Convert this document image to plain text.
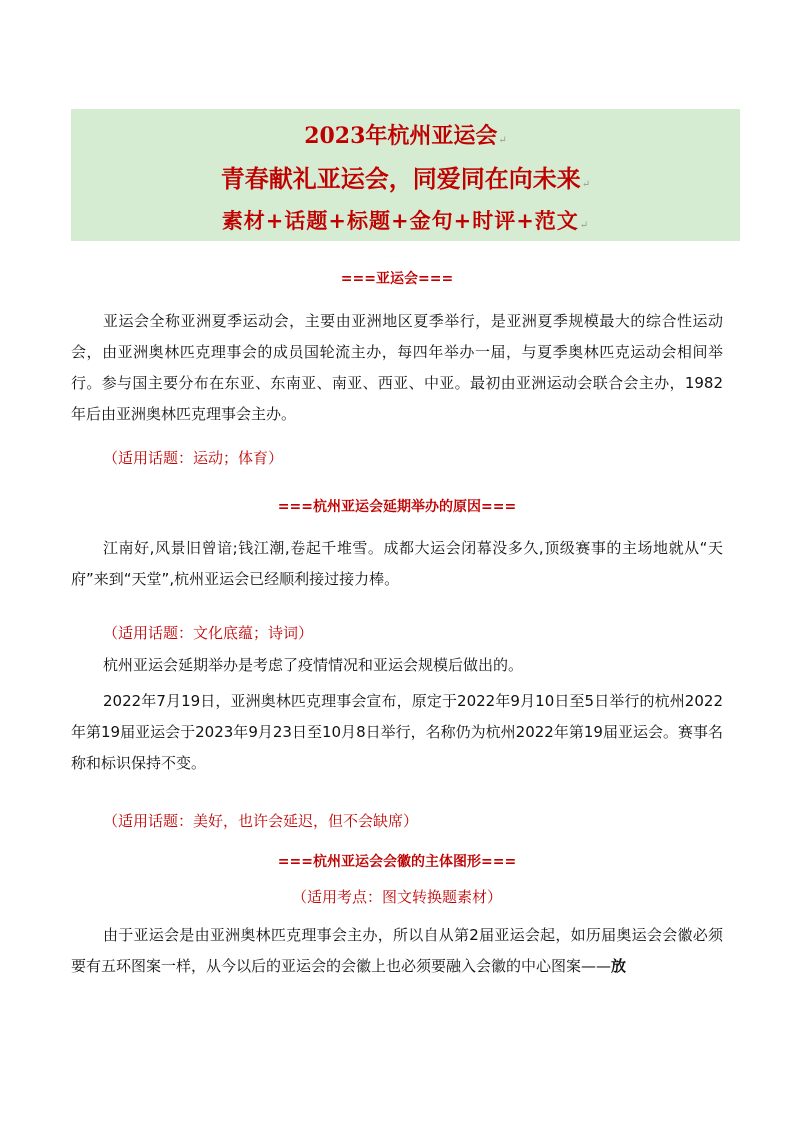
2023年杭州亚运会↵
青春献礼亚运会，同爱同在向未来↵
素材+话题+标题+金句+时评+范文↵
===亚运会===
亚运会全称亚洲夏季运动会，主要由亚洲地区夏季举行，是亚洲夏季规模最大的综合性运动会，由亚洲奥林匹克理事会的成员国轮流主办，每四年举办一届，与夏季奥林匹克运动会相间举行。参与国主要分布在东亚、东南亚、南亚、西亚、中亚。最初由亚洲运动会联合会主办，1982年后由亚洲奥林匹克理事会主办。
（适用话题：运动；体育）
===杭州亚运会延期举办的原因===
江南好,风景旧曾谙;钱江潮,卷起千堆雪。成都大运会闭幕没多久,顶级赛事的主场地就从“天府”来到“天堂”,杭州亚运会已经顺利接过接力棒。
（适用话题：文化底蕴；诗词）
杭州亚运会延期举办是考虑了疫情情况和亚运会规模后做出的。
2022年7月19日，亚洲奥林匹克理事会宣布，原定于2022年9月10日至5日举行的杭州2022年第19届亚运会于2023年9月23日至10月8日举行，名称仍为杭州2022年第19届亚运会。赛事名称和标识保持不变。
（适用话题：美好，也许会延迟，但不会缺席）
===杭州亚运会会徽的主体图形===
（适用考点：图文转换题素材）
由于亚运会是由亚洲奥林匹克理事会主办，所以自从第2届亚运会起，如历届奥运会会徽必须要有五环图案一样，从今以后的亚运会的会徽上也必须要融入会徽的中心图案——放
